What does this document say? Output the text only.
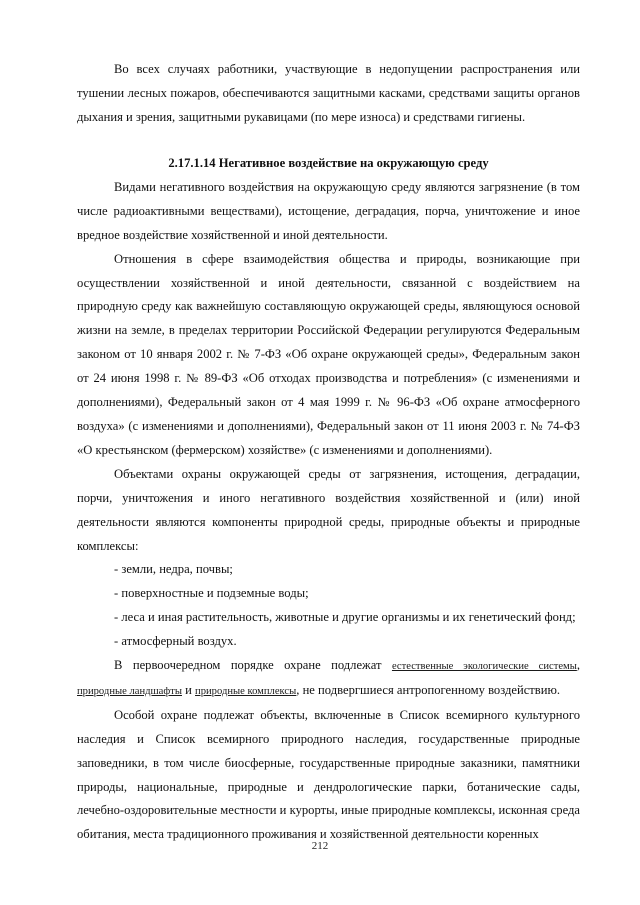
Во всех случаях работники, участвующие в недопущении распространения или тушении лесных пожаров, обеспечиваются защитными касками, средствами защиты органов дыхания и зрения, защитными рукавицами (по мере износа) и средствами гигиены.

2.17.1.14 Негативное воздействие на окружающую среду

Видами негативного воздействия на окружающую среду являются загрязнение (в том числе радиоактивными веществами), истощение, деградация, порча, уничтожение и иное вредное воздействие хозяйственной и иной деятельности.

Отношения в сфере взаимодействия общества и природы, возникающие при осуществлении хозяйственной и иной деятельности, связанной с воздействием на природную среду как важнейшую составляющую окружающей среды, являющуюся основой жизни на земле, в пределах территории Российской Федерации регулируются Федеральным законом от 10 января 2002 г. № 7-ФЗ «Об охране окружающей среды», Федеральным закон от 24 июня 1998 г. № 89-ФЗ «Об отходах производства и потребления» (с изменениями и дополнениями), Федеральный закон от 4 мая 1999 г. № 96-ФЗ «Об охране атмосферного воздуха» (с изменениями и дополнениями), Федеральный закон от 11 июня 2003 г. № 74-ФЗ «О крестьянском (фермерском) хозяйстве» (с изменениями и дополнениями).

Объектами охраны окружающей среды от загрязнения, истощения, деградации, порчи, уничтожения и иного негативного воздействия хозяйственной и (или) иной деятельности являются компоненты природной среды, природные объекты и природные комплексы:

- земли, недра, почвы;

- поверхностные и подземные воды;

- леса и иная растительность, животные и другие организмы и их генетический фонд;

- атмосферный воздух.

В первоочередном порядке охране подлежат естественные экологические системы, природные ландшафты и природные комплексы, не подвергшиеся антропогенному воздействию.

Особой охране подлежат объекты, включенные в Список всемирного культурного наследия и Список всемирного природного наследия, государственные природные заповедники, в том числе биосферные, государственные природные заказники, памятники природы, национальные, природные и дендрологические парки, ботанические сады, лечебно-оздоровительные местности и курорты, иные природные комплексы, исконная среда обитания, места традиционного проживания и хозяйственной деятельности коренных

212
